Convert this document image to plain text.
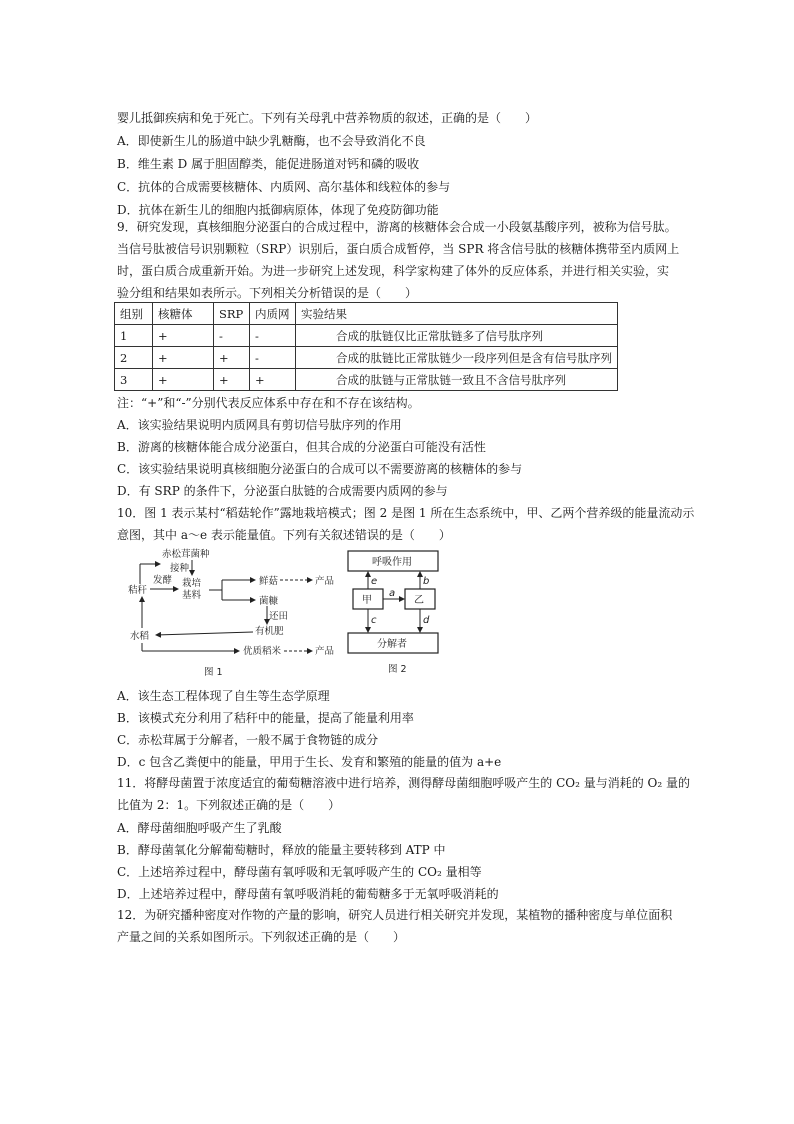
婴儿抵御疾病和免于死亡。下列有关母乳中营养物质的叙述，正确的是（　　）
A．即使新生儿的肠道中缺少乳糖酶，也不会导致消化不良
B．维生素 D 属于胆固醇类，能促进肠道对钙和磷的吸收
C．抗体的合成需要核糖体、内质网、高尔基体和线粒体的参与
D．抗体在新生儿的细胞内抵御病原体，体现了免疫防御功能
9．研究发现，真核细胞分泌蛋白的合成过程中，游离的核糖体会合成一小段氨基酸序列，被称为信号肽。
当信号肽被信号识别颗粒（SRP）识别后，蛋白质合成暂停，当 SPR 将含信号肽的核糖体携带至内质网上
时，蛋白质合成重新开始。为进一步研究上述发现，科学家构建了体外的反应体系，并进行相关实验，实
验分组和结果如表所示。下列相关分析错误的是（　　）
组别	核糖体	SRP	内质网	实验结果
1	+	-	-	合成的肽链仅比正常肽链多了信号肽序列
2	+	+	-	合成的肽链比正常肽链少一段序列但是含有信号肽序列
3	+	+	+	合成的肽链与正常肽链一致且不含信号肽序列
注：“+”和“-”分别代表反应体系中存在和不存在该结构。
A．该实验结果说明内质网具有剪切信号肽序列的作用
B．游离的核糖体能合成分泌蛋白，但其合成的分泌蛋白可能没有活性
C．该实验结果说明真核细胞分泌蛋白的合成可以不需要游离的核糖体的参与
D．有 SRP 的条件下，分泌蛋白肽链的合成需要内质网的参与
10．图 1 表示某村“稻菇轮作”露地栽培模式；图 2 是图 1 所在生态系统中，甲、乙两个营养级的能量流动示
意图，其中 a～e 表示能量值。下列有关叙述错误的是（　　）
赤松茸菌种
接种
发酵
秸秆
栽培
基料
鲜菇	产品
菌糠
还田
有机肥
水稻
优质稻米	产品
图 1
呼吸作用
甲	乙
分解者
a
b
c	d
e
图 2
A．该生态工程体现了自生等生态学原理
B．该模式充分利用了秸秆中的能量，提高了能量利用率
C．赤松茸属于分解者，一般不属于食物链的成分
D．c 包含乙粪便中的能量，甲用于生长、发育和繁殖的能量的值为 a+e
11．将酵母菌置于浓度适宜的葡萄糖溶液中进行培养，测得酵母菌细胞呼吸产生的 CO₂ 量与消耗的 O₂ 量的
比值为 2：1。下列叙述正确的是（　　）
A．酵母菌细胞呼吸产生了乳酸
B．酵母菌氧化分解葡萄糖时，释放的能量主要转移到 ATP 中
C．上述培养过程中，酵母菌有氧呼吸和无氧呼吸产生的 CO₂ 量相等
D．上述培养过程中，酵母菌有氧呼吸消耗的葡萄糖多于无氧呼吸消耗的
12．为研究播种密度对作物的产量的影响，研究人员进行相关研究并发现，某植物的播种密度与单位面积
产量之间的关系如图所示。下列叙述正确的是（　　）
